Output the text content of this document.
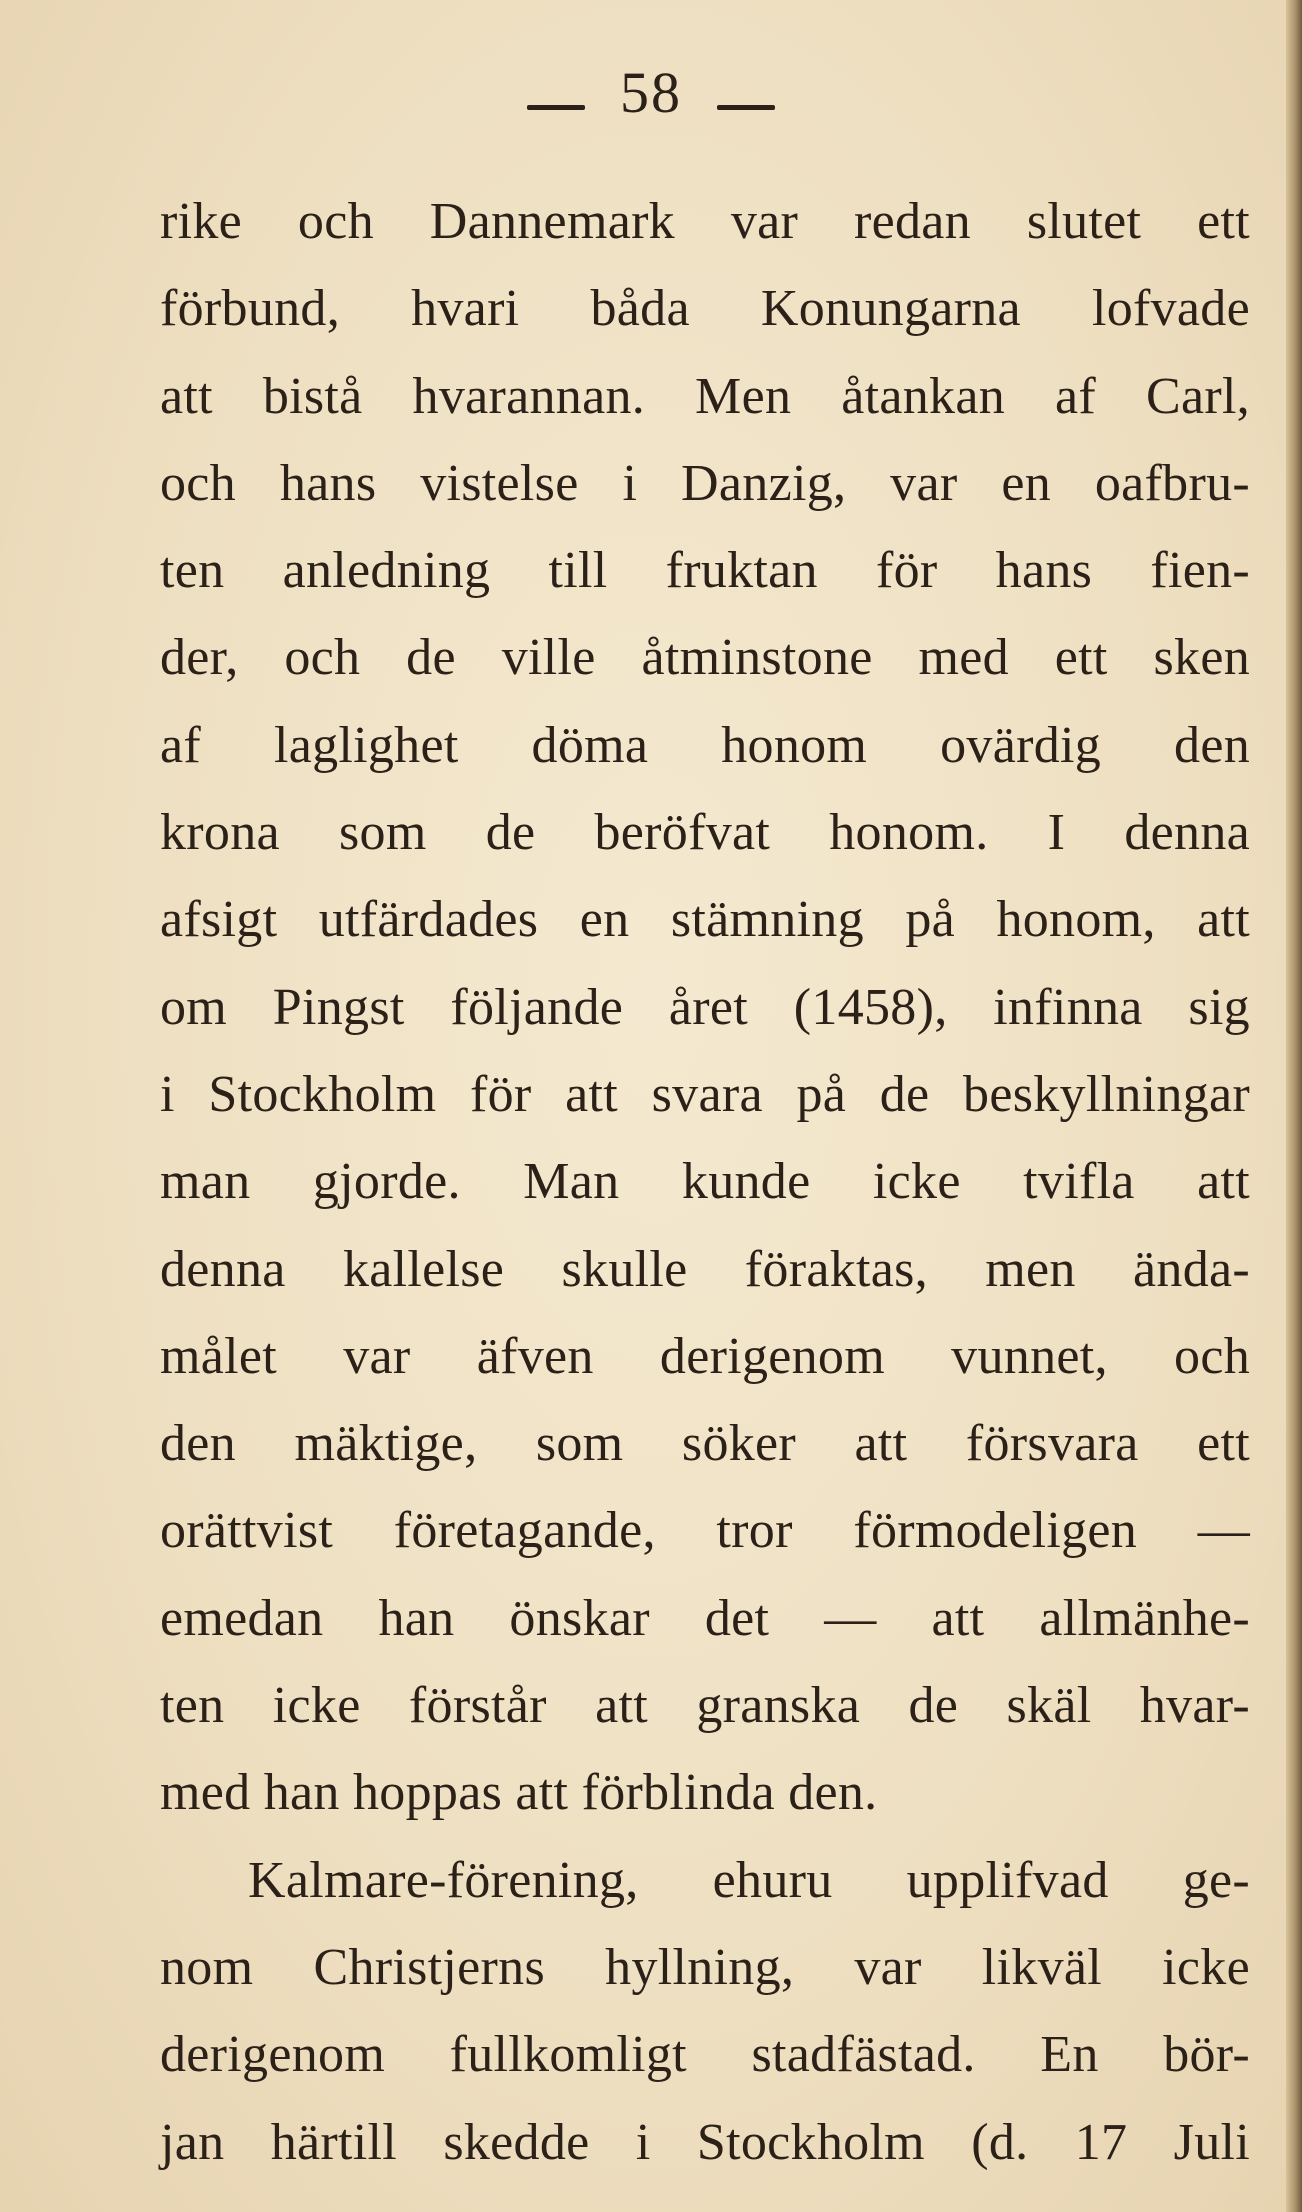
58
rike och Dannemark var redan slutet ett
förbund, hvari båda Konungarna lofvade
att bistå hvarannan. Men åtankan af Carl,
och hans vistelse i Danzig, var en oafbru-
ten anledning till fruktan för hans fien-
der, och de ville åtminstone med ett sken
af laglighet döma honom ovärdig den
krona som de beröfvat honom. I denna
afsigt utfärdades en stämning på honom, att
om Pingst följande året (1458), infinna sig
i Stockholm för att svara på de beskyllningar
man gjorde. Man kunde icke tvifla att
denna kallelse skulle föraktas, men ända-
målet var äfven derigenom vunnet, och
den mäktige, som söker att försvara ett
orättvist företagande, tror förmodeligen —
emedan han önskar det — att allmänhe-
ten icke förstår att granska de skäl hvar-
med han hoppas att förblinda den.
Kalmare-förening, ehuru upplifvad ge-
nom Christjerns hyllning, var likväl icke
derigenom fullkomligt stadfästad. En bör-
jan härtill skedde i Stockholm (d. 17 Juli
